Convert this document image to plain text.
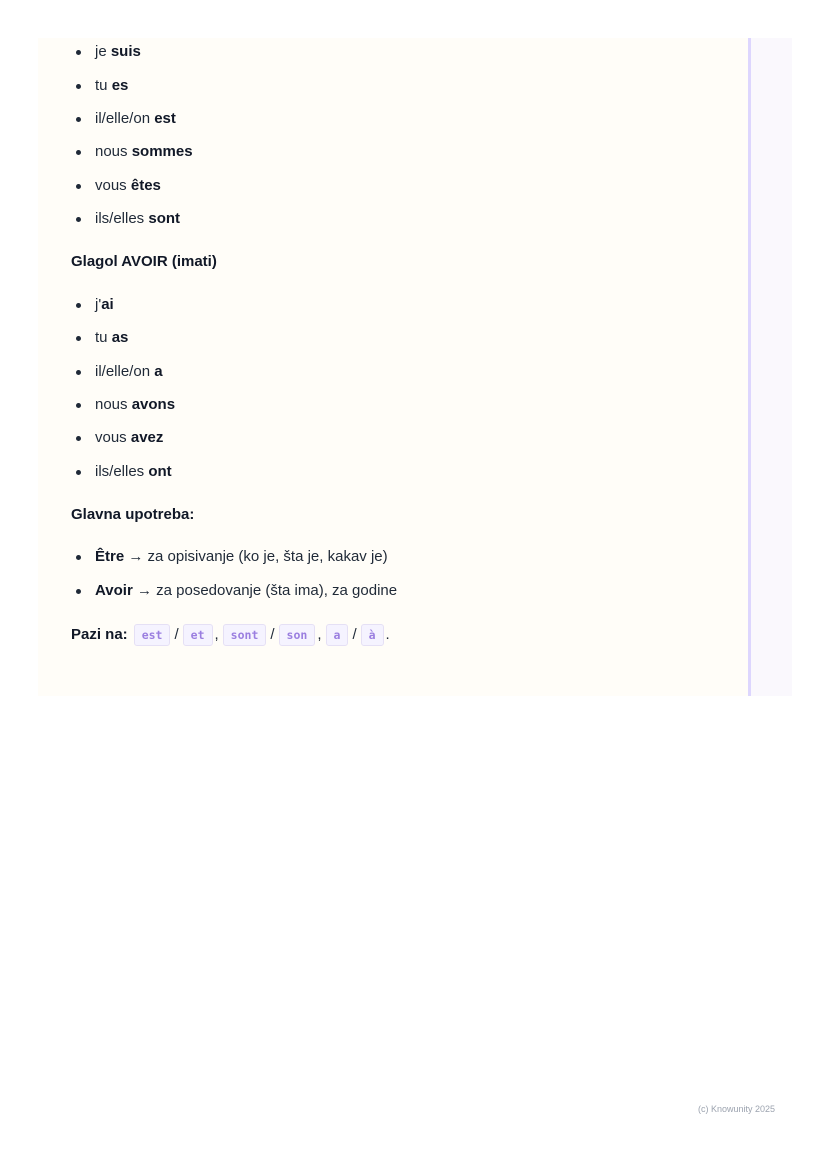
je suis
tu es
il/elle/on est
nous sommes
vous êtes
ils/elles sont
Glagol AVOIR (imati)
j'ai
tu as
il/elle/on a
nous avons
vous avez
ils/elles ont
Glavna upotreba:
Être → za opisivanje (ko je, šta je, kakav je)
Avoir → za posedovanje (šta ima), za godine
Pazi na:	est /	et ,	sont /	son ,	a /	à .
(c) Knowunity 2025
